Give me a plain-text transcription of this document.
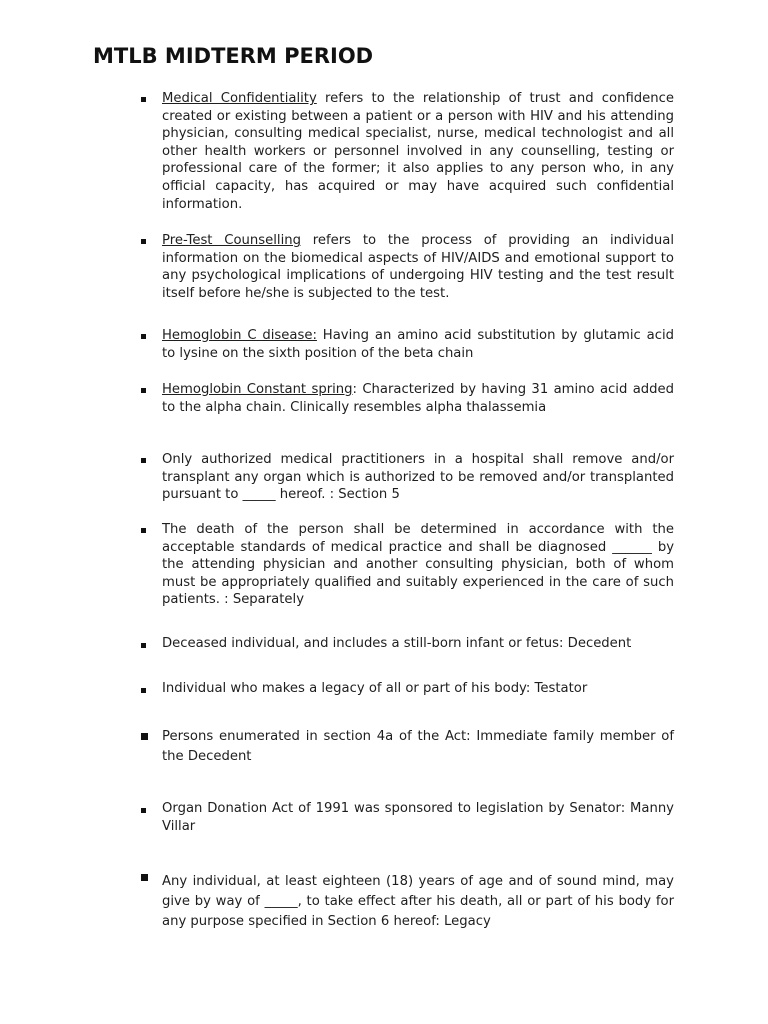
MTLB MIDTERM PERIOD
Medical Confidentiality refers to the relationship of trust and confidence created or existing between a patient or a person with HIV and his attending physician, consulting medical specialist, nurse, medical technologist and all other health workers or personnel involved in any counselling, testing or professional care of the former; it also applies to any person who, in any official capacity, has acquired or may have acquired such confidential information.
Pre-Test Counselling refers to the process of providing an individual information on the biomedical aspects of HIV/AIDS and emotional support to any psychological implications of undergoing HIV testing and the test result itself before he/she is subjected to the test.
Hemoglobin C disease: Having an amino acid substitution by glutamic acid to lysine on the sixth position of the beta chain
Hemoglobin Constant spring: Characterized by having 31 amino acid added to the alpha chain. Clinically resembles alpha thalassemia
Only authorized medical practitioners in a hospital shall remove and/or transplant any organ which is authorized to be removed and/or transplanted pursuant to _____ hereof. : Section 5
The death of the person shall be determined in accordance with the acceptable standards of medical practice and shall be diagnosed ______ by the attending physician and another consulting physician, both of whom must be appropriately qualified and suitably experienced in the care of such patients. : Separately
Deceased individual, and includes a still-born infant or fetus: Decedent
Individual who makes a legacy of all or part of his body: Testator
Persons enumerated in section 4a of the Act: Immediate family member of the Decedent
Organ Donation Act of 1991 was sponsored to legislation by Senator: Manny Villar
Any individual, at least eighteen (18) years of age and of sound mind, may give by way of _____, to take effect after his death, all or part of his body for any purpose specified in Section 6 hereof: Legacy
